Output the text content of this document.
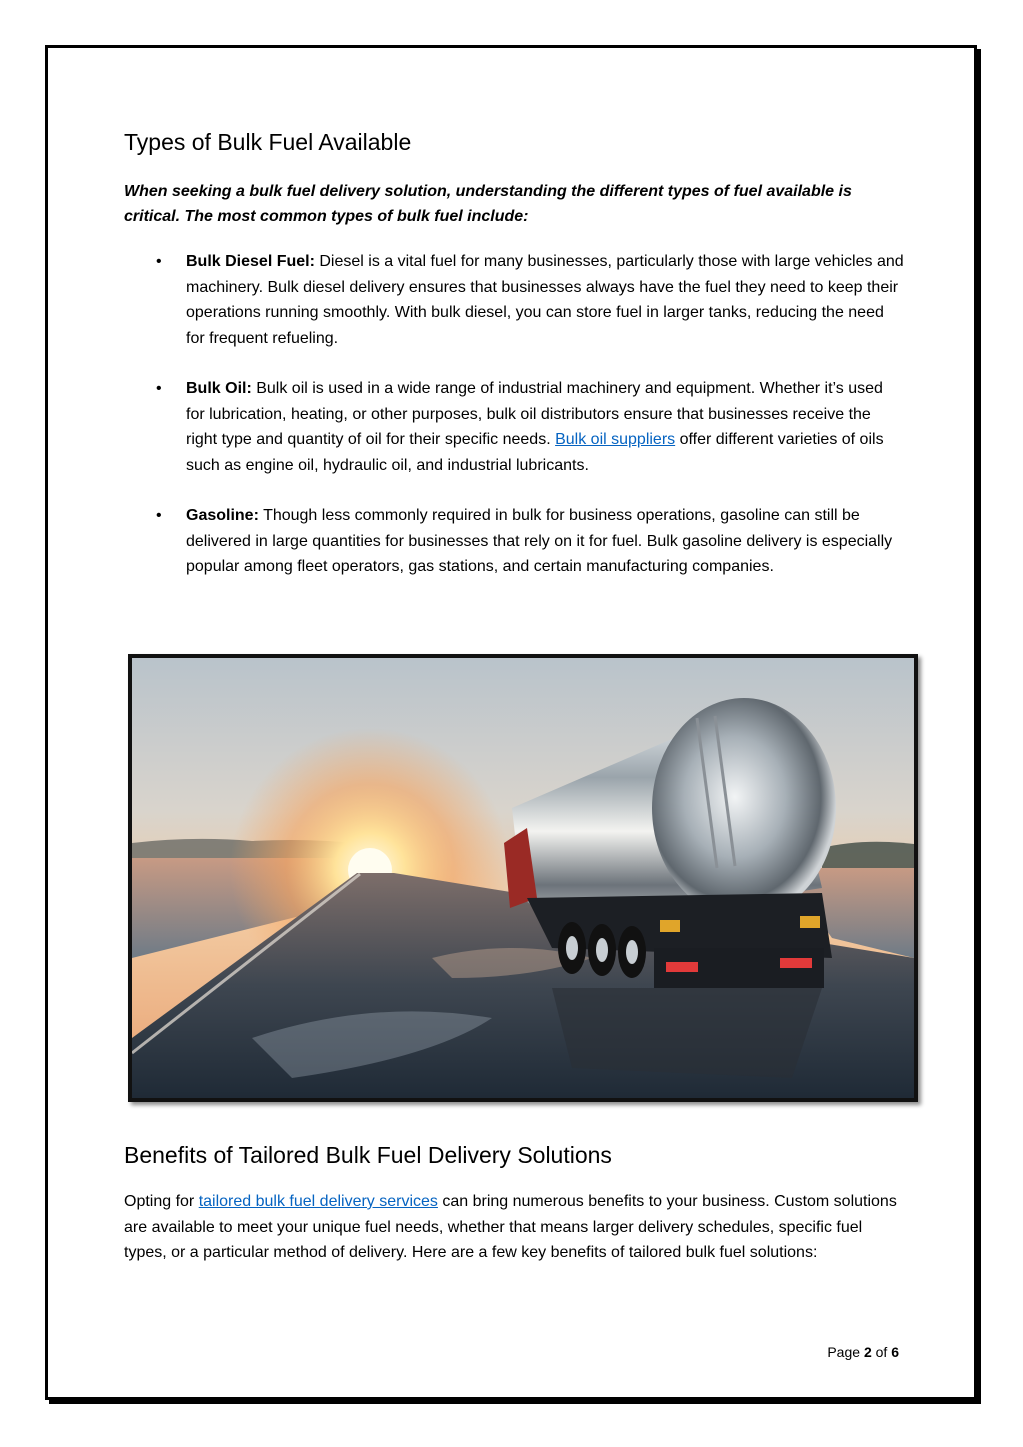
Types of Bulk Fuel Available

When seeking a bulk fuel delivery solution, understanding the different types of fuel available is critical. The most common types of bulk fuel include:

• Bulk Diesel Fuel: Diesel is a vital fuel for many businesses, particularly those with large vehicles and machinery. Bulk diesel delivery ensures that businesses always have the fuel they need to keep their operations running smoothly. With bulk diesel, you can store fuel in larger tanks, reducing the need for frequent refueling.
• Bulk Oil: Bulk oil is used in a wide range of industrial machinery and equipment. Whether it’s used for lubrication, heating, or other purposes, bulk oil distributors ensure that businesses receive the right type and quantity of oil for their specific needs. Bulk oil suppliers offer different varieties of oils such as engine oil, hydraulic oil, and industrial lubricants.
• Gasoline: Though less commonly required in bulk for business operations, gasoline can still be delivered in large quantities for businesses that rely on it for fuel. Bulk gasoline delivery is especially popular among fleet operators, gas stations, and certain manufacturing companies.
Benefits of Tailored Bulk Fuel Delivery Solutions

Opting for tailored bulk fuel delivery services can bring numerous benefits to your business. Custom solutions are available to meet your unique fuel needs, whether that means larger delivery schedules, specific fuel types, or a particular method of delivery. Here are a few key benefits of tailored bulk fuel solutions:

Page 2 of 6
